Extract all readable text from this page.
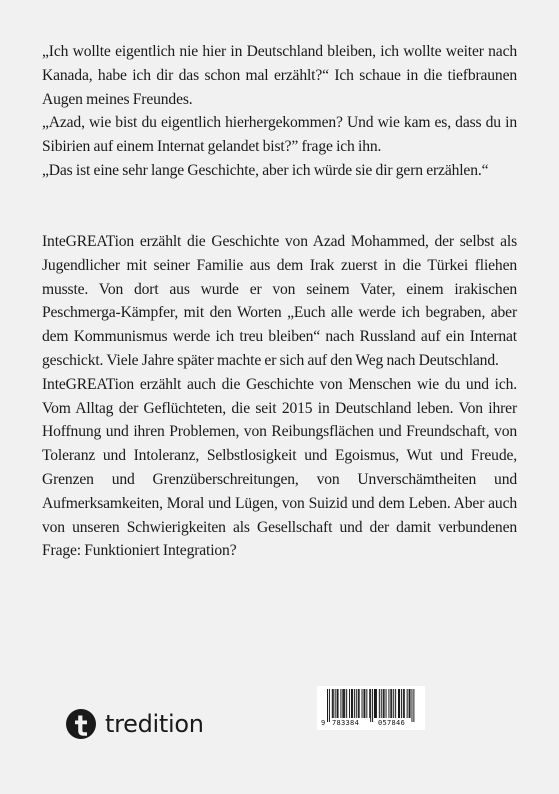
„Ich wollte eigentlich nie hier in Deutschland bleiben, ich wollte weiter nach Kanada, habe ich dir das schon mal erzählt?“ Ich schaue in die tiefbraunen Augen meines Freundes.

„Azad, wie bist du eigentlich hierhergekommen? Und wie kam es, dass du in Sibirien auf einem Internat gelandet bist?” frage ich ihn.

„Das ist eine sehr lange Geschichte, aber ich würde sie dir gern erzählen.“

InteGREATion erzählt die Geschichte von Azad Mohammed, der selbst als Jugendlicher mit seiner Familie aus dem Irak zuerst in die Türkei fliehen musste. Von dort aus wurde er von seinem Vater, einem irakischen Peschmerga-Kämpfer, mit den Worten „Euch alle werde ich begraben, aber dem Kommunismus werde ich treu bleiben“ nach Russland auf ein Internat geschickt. Viele Jahre später machte er sich auf den Weg nach Deutschland.

InteGREATion erzählt auch die Geschichte von Menschen wie du und ich. Vom Alltag der Geflüchteten, die seit 2015 in Deutschland leben. Von ihrer Hoffnung und ihren Problemen, von Reibungsflächen und Freundschaft, von Toleranz und Intoleranz, Selbstlosigkeit und Egoismus, Wut und Freude, Grenzen und Grenzüberschreitungen, von Unverschämtheiten und Aufmerksamkeiten, Moral und Lügen, von Suizid und dem Leben. Aber auch von unseren Schwierigkeiten als Gesellschaft und der damit verbundenen Frage: Funktioniert Integration?

tredition	9 783384	057846
